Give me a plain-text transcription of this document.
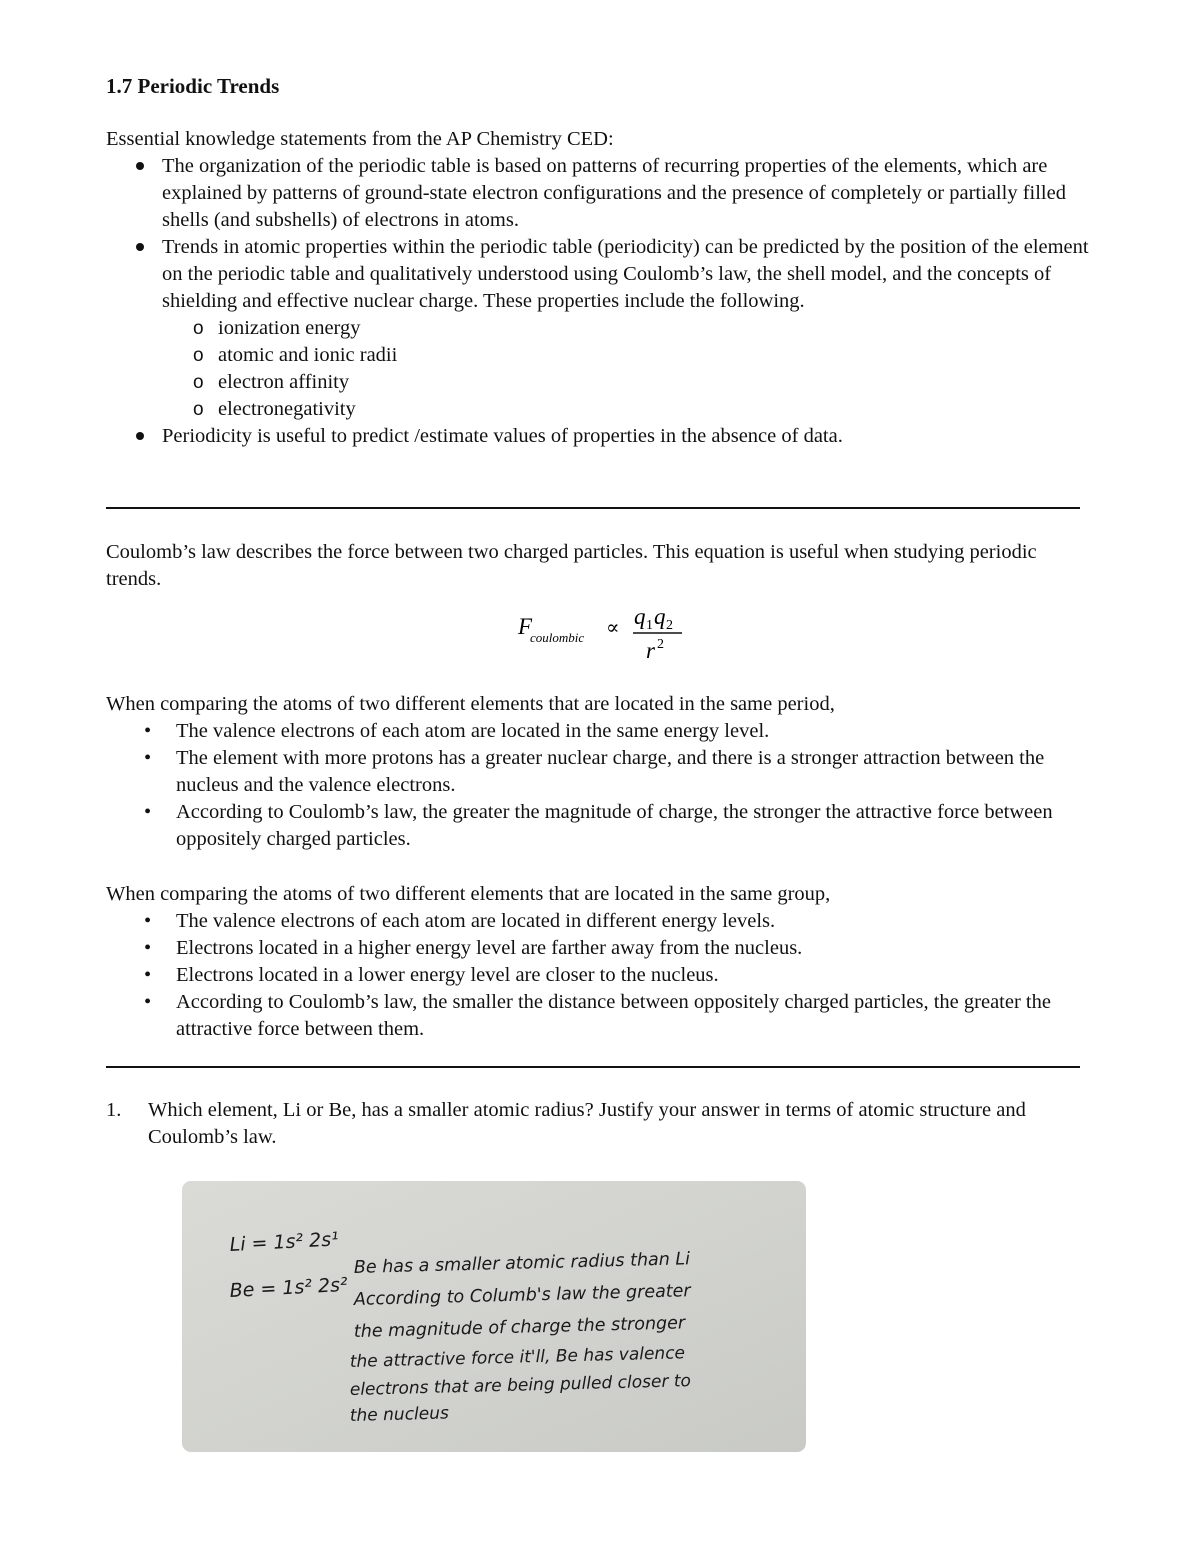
1.7 Periodic Trends
Essential knowledge statements from the AP Chemistry CED:
The organization of the periodic table is based on patterns of recurring properties of the elements, which are explained by patterns of ground-state electron configurations and the presence of completely or partially filled shells (and subshells) of electrons in atoms.
Trends in atomic properties within the periodic table (periodicity) can be predicted by the position of the element on the periodic table and qualitatively understood using Coulomb’s law, the shell model, and the concepts of shielding and effective nuclear charge. These properties include the following.
o ionization energy
o atomic and ionic radii
o electron affinity
o electronegativity
Periodicity is useful to predict /estimate values of properties in the absence of data.

Coulomb’s law describes the force between two charged particles. This equation is useful when studying periodic trends.

F
coulombic ∝ q 1 q 2
r 2

When comparing the atoms of two different elements that are located in the same period,

• The valence electrons of each atom are located in the same energy level.
• The element with more protons has a greater nuclear charge, and there is a stronger attraction between the nucleus and the valence electrons.
• According to Coulomb’s law, the greater the magnitude of charge, the stronger the attractive force between oppositely charged particles.

When comparing the atoms of two different elements that are located in the same group,

• The valence electrons of each atom are located in different energy levels.
• Electrons located in a higher energy level are farther away from the nucleus.
• Electrons located in a lower energy level are closer to the nucleus.
• According to Coulomb’s law, the smaller the distance between oppositely charged particles, the greater the attractive force between them.
1.	Which element, Li or Be, has a smaller atomic radius? Justify your answer in terms of atomic structure and Coulomb’s law.
Li = 1s² 2s¹
Be = 1s² 2s²
Be has a smaller atomic radius than Li
According to Columb's law the greater
the magnitude of charge the stronger
the attractive force it'll, Be has valence
electrons that are being pulled closer to
the nucleus
